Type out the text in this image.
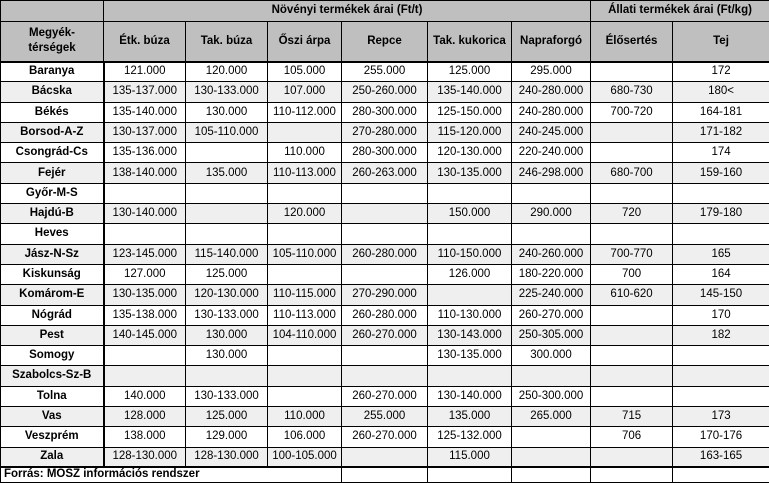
	Növényi termékek árai (Ft/t)						Állati termékek árai (Ft/kg)	

Megyék-
térségek	Étk. búza	Tak. búza	Őszi árpa	Repce	Tak. kukorica	Napraforgó	Élősertés	Tej
Baranya	121.000	120.000	105.000	255.000	125.000	295.000		172
Bácska	135-137.000	130-133.000	107.000	250-260.000	135-140.000	240-280.000	680-730	180<
Békés	135-140.000	130.000	110-112.000	280-300.000	125-150.000	240-280.000	700-720	164-181
Borsod-A-Z	130-137.000	105-110.000		270-280.000	115-120.000	240-245.000		171-182
Csongrád-Cs	135-136.000		110.000	280-300.000	120-130.000	220-240.000		174
Fejér	138-140.000	135.000	110-113.000	260-263.000	130-135.000	246-298.000	680-700	159-160
Győr-M-S								
Hajdú-B	130-140.000		120.000		150.000	290.000	720	179-180
Heves								
Jász-N-Sz	123-145.000	115-140.000	105-110.000	260-280.000	110-150.000	240-260.000	700-770	165
Kiskunság	127.000	125.000			126.000	180-220.000	700	164
Komárom-E	130-135.000	120-130.000	110-115.000	270-290.000		225-240.000	610-620	145-150
Nógrád	135-138.000	130-133.000	110-113.000	260-280.000	110-130.000	260-270.000		170
Pest	140-145.000	130.000	104-110.000	260-270.000	130-143.000	250-305.000		182
Somogy		130.000			130-135.000	300.000		
Szabolcs-Sz-B								
Tolna	140.000	130-133.000		260-270.000	130-140.000	250-300.000		
Vas	128.000	125.000	110.000	255.000	135.000	265.000	715	173
Veszprém	138.000	129.000	106.000	260-270.000	125-132.000		706	170-176
Zala	128-130.000	128-130.000	100-105.000		115.000			163-165
Forrás: MOSZ információs rendszer								
